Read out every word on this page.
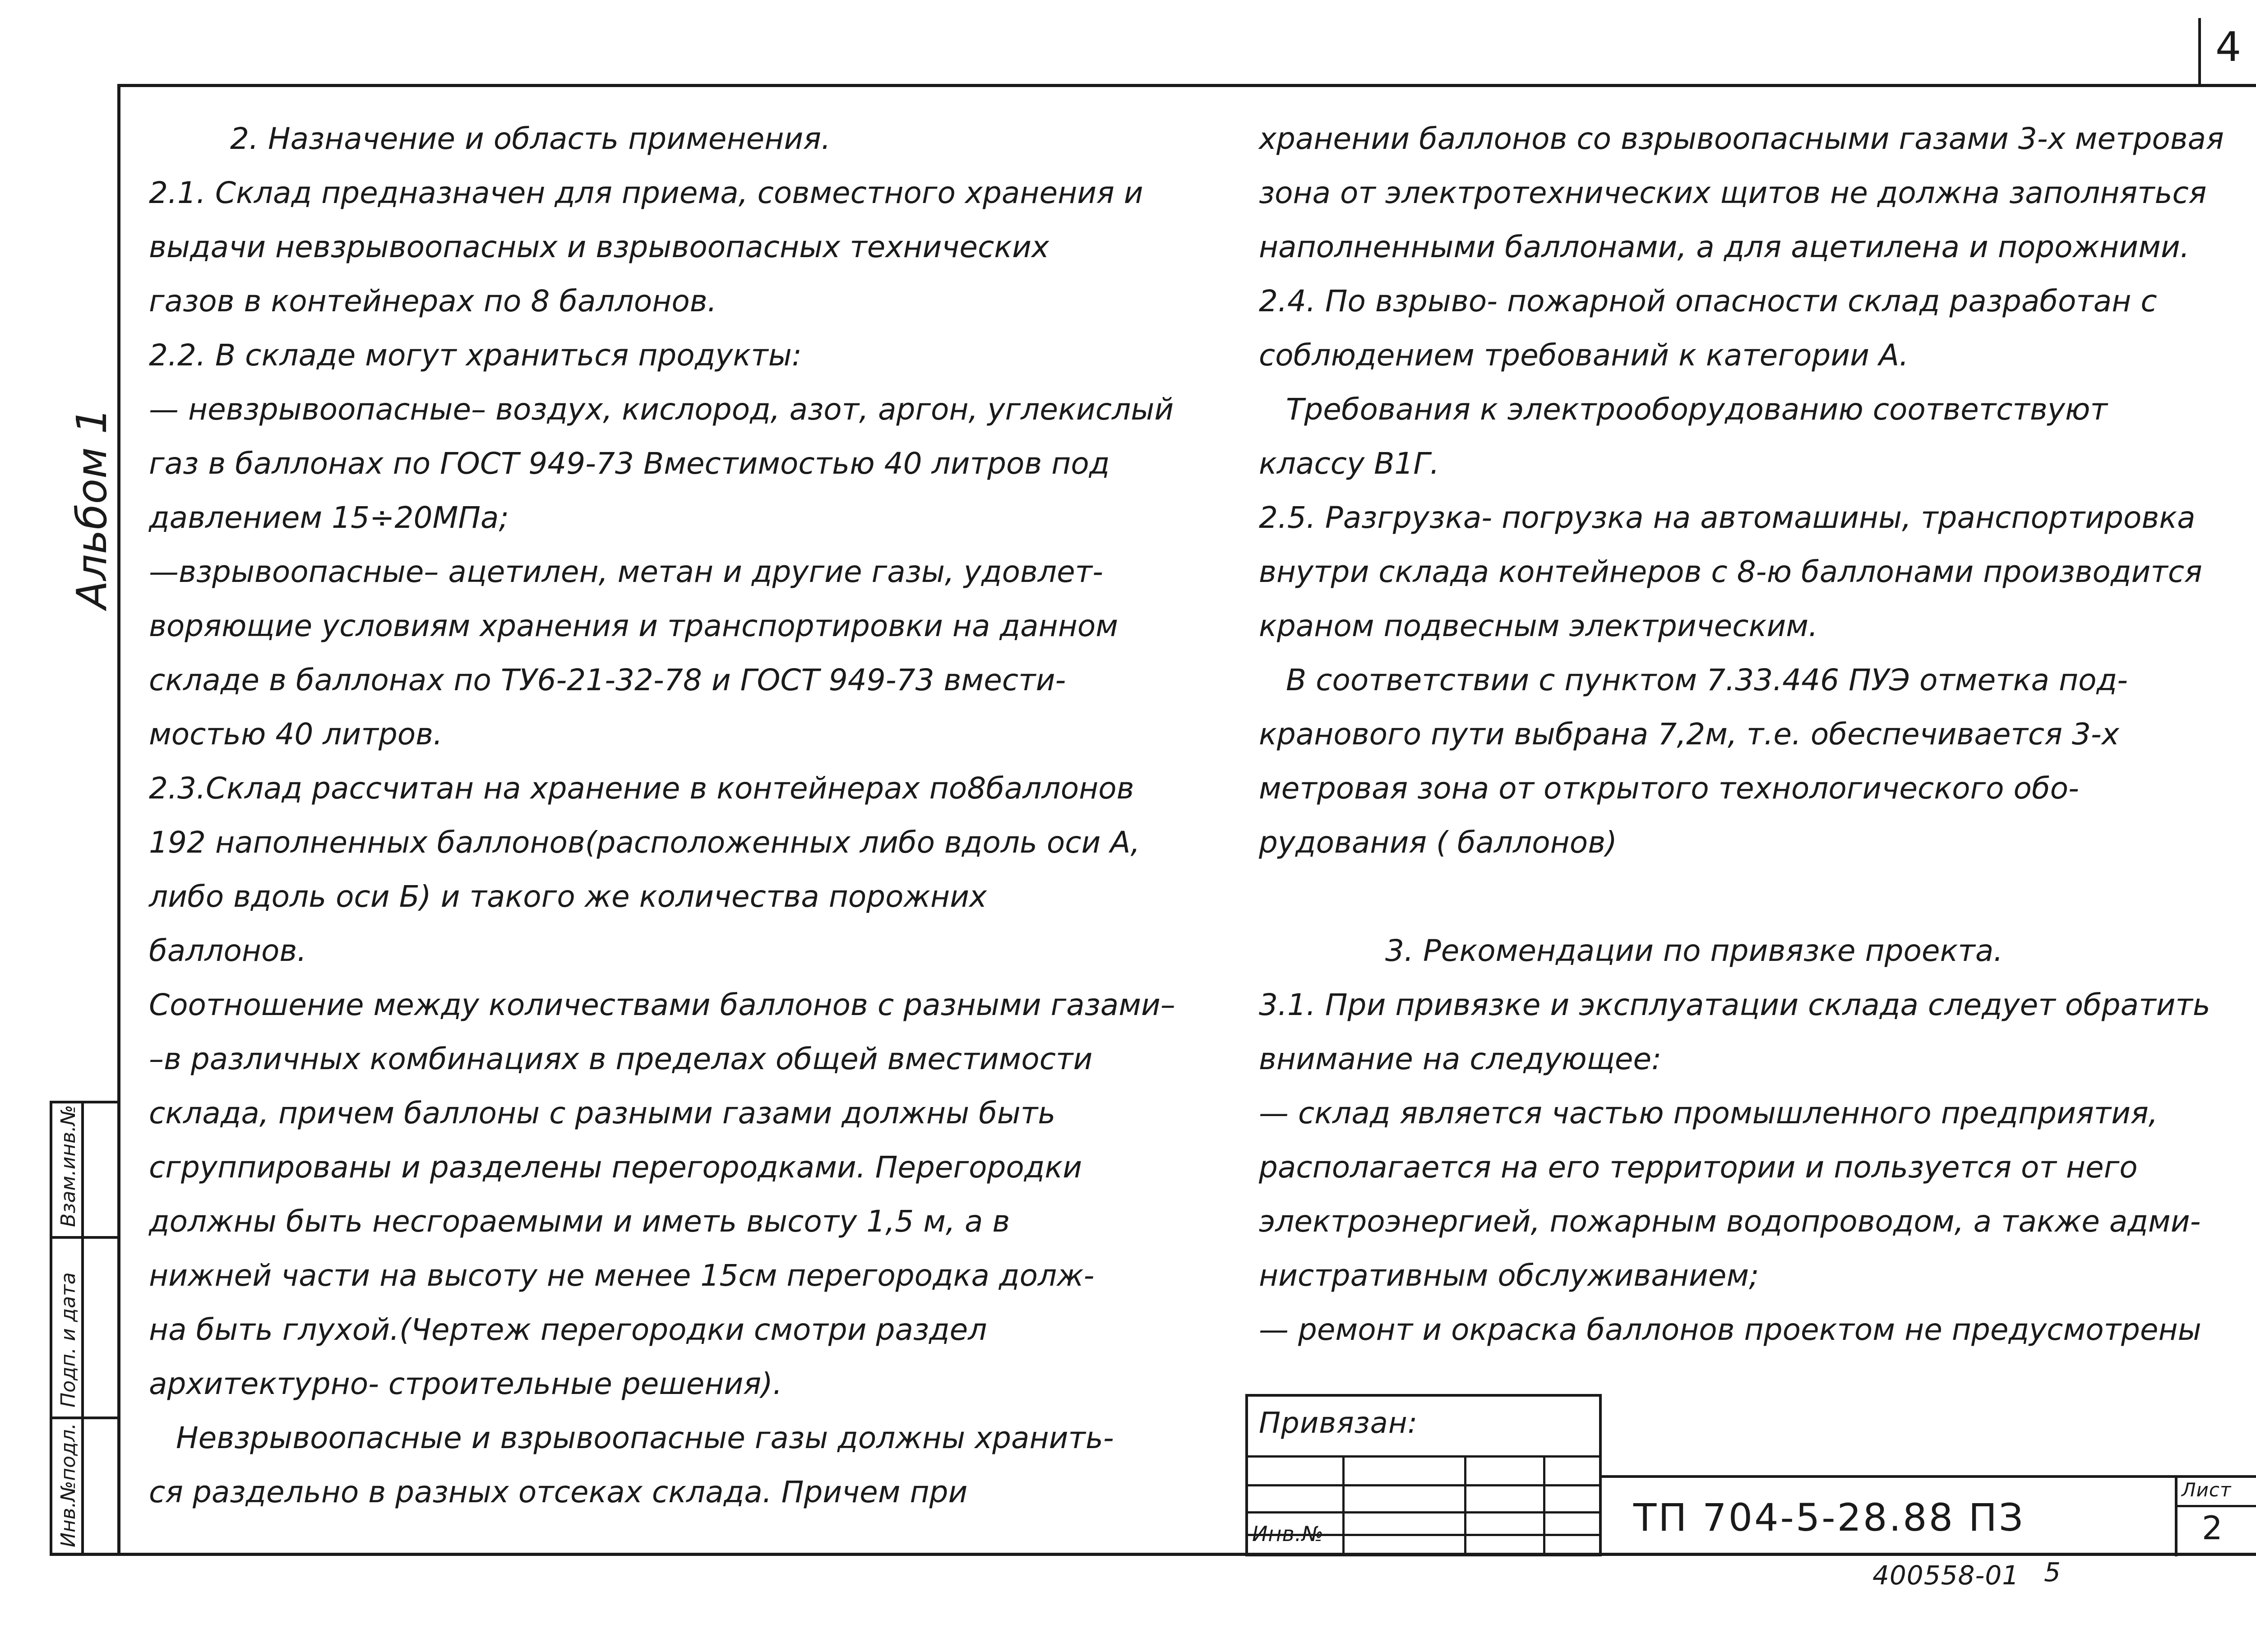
4
Инв.№подл.
Подп. и дата
Взам.инв.№
Альбом 1
2. Назначение и область применения.
2.1. Склад предназначен для приема, совместного хранения и
выдачи невзрывоопасных и взрывоопасных технических
газов в контейнерах по 8 баллонов.
2.2. В складе могут храниться продукты:
— невзрывоопасные– воздух, кислород, азот, аргон, углекислый
газ в баллонах по ГОСТ 949-73 Вместимостью 40 литров под
давлением 15÷20МПа;
—взрывоопасные– ацетилен, метан и другие газы, удовлет-
воряющие условиям хранения и транспортировки на данном
складе в баллонах по ТУ6-21-32-78 и ГОСТ 949-73 вмести-
мостью 40 литров.
2.3.Склад рассчитан на хранение в контейнерах по8баллонов
192 наполненных баллонов(расположенных либо вдоль оси А,
либо вдоль оси Б) и такого же количества порожних
баллонов.
Соотношение между количествами баллонов с разными газами–
–в различных комбинациях в пределах общей вместимости
склада, причем баллоны с разными газами должны быть
сгруппированы и разделены перегородками. Перегородки
должны быть несгораемыми и иметь высоту 1,5 м, а в
нижней части на высоту не менее 15см перегородка долж-
на быть глухой.(Чертеж перегородки смотри раздел
архитектурно- строительные решения).
Невзрывоопасные и взрывоопасные газы должны хранить-
ся раздельно в разных отсеках склада. Причем при
хранении баллонов со взрывоопасными газами 3-х метровая
зона от электротехнических щитов не должна заполняться
наполненными баллонами, а для ацетилена и порожними.
2.4. По взрыво- пожарной опасности склад разработан с
соблюдением требований к категории А.
Требования к электрооборудованию соответствуют
классу В1Г.
2.5. Разгрузка- погрузка на автомашины, транспортировка
внутри склада контейнеров с 8-ю баллонами производится
краном подвесным электрическим.
В соответствии с пунктом 7.33.446 ПУЭ отметка под-
кранового пути выбрана 7,2м, т.е. обеспечивается 3-х
метровая зона от открытого технологического обо-
рудования ( баллонов)

3. Рекомендации по привязке проекта.
3.1. При привязке и эксплуатации склада следует обратить
внимание на следующее:
— склад является частью промышленного предприятия,
располагается на его территории и пользуется от него
электроэнергией, пожарным водопроводом, а также адми-
нистративным обслуживанием;
— ремонт и окраска баллонов проектом не предусмотрены
Привязан:
Инв.№	ТП 704-5-28.88 ПЗ
Лист
2
400558-01 5
